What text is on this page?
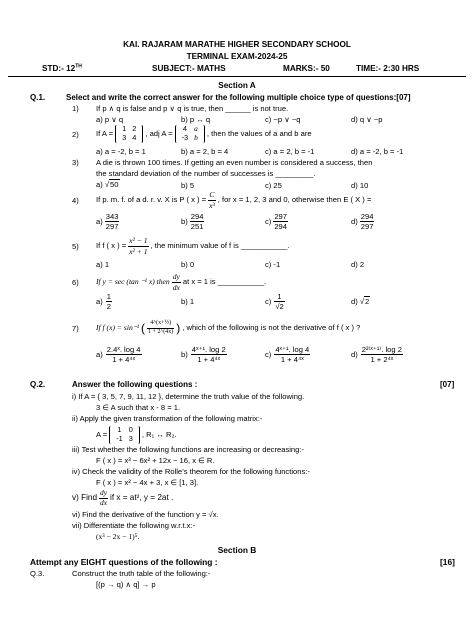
KAI. RAJARAM MARATHE HIGHER SECONDARY SCHOOL
TERMINAL EXAM-2024-25
STD:- 12TH	SUBJECT:- MATHS	MARKS:- 50	TIME:- 2:30 HRS
Section A
Q.1.	Select and write the correct answer for the following multiple choice type of questions:[07]
1) If p ∧ q is false and p ∨ q is true, then ______ is not true.
a) p ∨ q	b) p ↔ q	c) ~p ∨ ~q	d) q ∨ ~p
2) If A =
1	2
3	4 , adj A =
4	a
-3	b , then the values of a and b are
a) a = -2, b = 1	b) a = 2, b = 4	c) a = 2, b = -1	d) a = -2, b = -1
3) A die is thrown 100 times. If getting an even number is considered a success, then
the standard deviation of the number of successes is _________.
a) √50	b) 5	c) 25	d) 10
4) If p. m. f. of a d. r. v. X is P ( x ) = $\frac{C}{\text{x³}}$ , for x = 1, 2, 3 and 0, otherwise then E ( X ) =
$a) \frac{343}{297}$	$b) \frac{294}{251}$	$c) \frac{297}{294}$	$d) \frac{294}{297}$
5) If f ( x ) = $\frac{\text{x² − 1}}{\text{x² + 1}}$ , the minimum value of f is ___________.
a) 1	b) 0	c) -1	d) 2
6) If y = sec (tan ⁻¹ x) then $\frac{dy}{dx}$ at x = 1 is ___________.
$a) \frac{1}{2}$	b) 1	$c) \frac{1}{√2}$	d) √2
7) If f (x) = sin⁻¹ ( $\frac{\text{4\textasciicircum{}(x+½)}}{1 + 2\^{}(4x)}$ ) , which of the following is not the derivative of f ( x ) ?
$a) \frac{\text{2.4ˣ. log 4}}{\text{1 + 4⁴ˣ}}$	$b) \frac{\text{4ˣ⁺¹. log 2}}{\text{1 + 4⁴ˣ}}$	$c) \frac{\text{4ˣ⁺¹. log 4}}{\text{1 + 4⁴ˣ}}$	$d) \frac{\text{2²⁽ˣ⁺¹⁾. log 2}}{\text{1 + 2⁴ˣ}}$
Q.2.	Answer the following questions :	[07]
i) If A = { 3, 5, 7, 9, 11, 12 }, determine the truth value of the following.
3 ∈ A such that x - 8 = 1.
ii) Apply the given transformation of the following matrix:-
A =
1	0
-1	3 , R₁ ↔ R₂.
iii) Test whether the following functions are increasing or decreasing:-
F ( x ) = x³ − 6x² + 12x − 16, x ∈ R.
iv) Check the validity of the Rolle’s theorem for the following functions:-
F ( x ) = x² − 4x + 3, x ∈ [1, 3].
v) Find $\frac{dy}{dx}$ if x = at², y = 2at .
vi) Find the derivative of the function y = √x.
vii) Differentiate the following w.r.t.x:-
(x³ − 2x − 1)⁵.
Section B
Attempt any EIGHT questions of the following :	[16]
Q.3.	Construct the truth table of the following:-
[(p → q) ∧ q] → p
